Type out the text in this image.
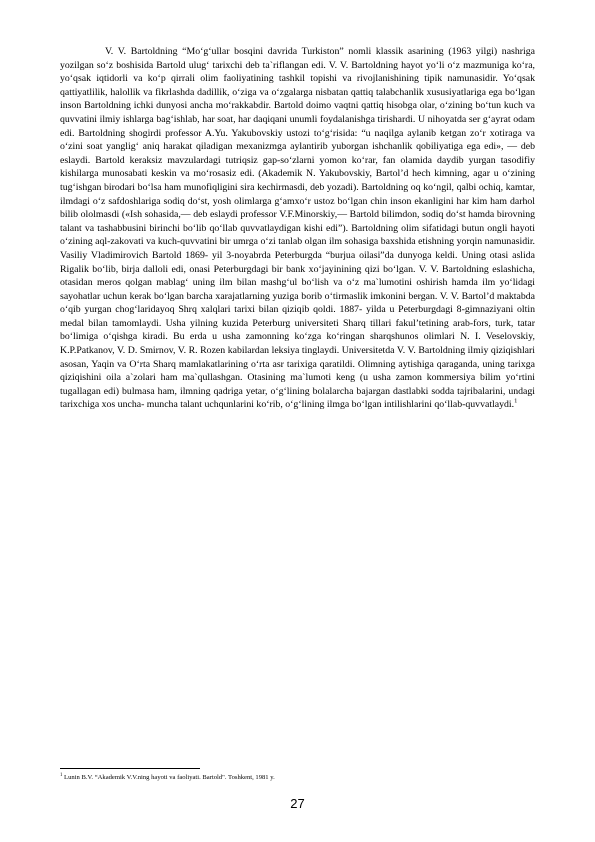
V. V. Bartoldning “Mo‘g‘ullar bosqini davrida Turkiston” nomli klassik asarining (1963 yilgi) nashriga yozilgan so‘z boshisida Bartold ulug‘ tarixchi deb ta`riflangan edi. V. V. Bartoldning hayot yo‘li o‘z mazmuniga ko‘ra, yo‘qsak iqtidorli va ko‘p qirrali olim faoliyatining tashkil topishi va rivojlanishining tipik namunasidir. Yo‘qsak qattiyatlilik, halollik va fikrlashda dadillik, o‘ziga va o‘zgalarga nisbatan qattiq talabchanlik xususiyatlariga ega bo‘lgan inson Bartoldning ichki dunyosi ancha mo‘rakkabdir. Bartold doimo vaqtni qattiq hisobga olar, o‘zining bo‘tun kuch va quvvatini ilmiy ishlarga bag‘ishlab, har soat, har daqiqani unumli foydalanishga tirishardi. U nihoyatda ser g‘ayrat odam edi. Bartoldning shogirdi professor A.Yu. Yakubovskiy ustozi to‘g‘risida: “u naqilga aylanib ketgan zo‘r xotiraga va o‘zini soat yanglig‘ aniq harakat qiladigan mexanizmga aylantirib yuborgan ishchanlik qobiliyatiga ega edi», — deb eslaydi. Bartold keraksiz mavzulardagi tutriqsiz gap-so‘zlarni yomon ko‘rar, fan olamida daydib yurgan tasodifiy kishilarga munosabati keskin va mo‘rosasiz edi. (Akademik N. Yakubovskiy, Bartol’d hech kimning, agar u o‘zining tug‘ishgan birodari bo‘lsa ham munofiqligini sira kechirmasdi, deb yozadi). Bartoldning oq ko‘ngil, qalbi ochiq, kamtar, ilmdagi o‘z safdoshlariga sodiq do‘st, yosh olimlarga g‘amxo‘r ustoz bo‘lgan chin inson ekanligini har kim ham darhol bilib ololmasdi («Ish sohasida,— deb eslaydi professor V.F.Minorskiy,— Bartold bilimdon, sodiq do‘st hamda birovning talant va tashabbusini birinchi bo‘lib qo‘llab quvvatlaydigan kishi edi”). Bartoldning olim sifatidagi butun ongli hayoti o‘zining aql-zakovati va kuch-quvvatini bir umrga o‘zi tanlab olgan ilm sohasiga baxshida etishning yorqin namunasidir. Vasiliy Vladimirovich Bartold 1869- yil 3-noyabrda Peterburgda “burjua oilasi”da dunyoga keldi. Uning otasi aslida Rigalik bo‘lib, birja dalloli edi, onasi Peterburgdagi bir bank xo‘jayinining qizi bo‘lgan. V. V. Bartoldning eslashicha, otasidan meros qolgan mablag‘ uning ilm bilan mashg‘ul bo‘lish va o‘z ma`lumotini oshirish hamda ilm yo‘lidagi sayohatlar uchun kerak bo‘lgan barcha xarajatlarning yuziga borib o‘tirmaslik imkonini bergan. V. V. Bartol’d maktabda o‘qib yurgan chog‘laridayoq Shrq xalqlari tarixi bilan qiziqib qoldi. 1887- yilda u Peterburgdagi 8-gimnaziyani oltin medal bilan tamomlaydi. Usha yilning kuzida Peterburg universiteti Sharq tillari fakul’tetining arab-fors, turk, tatar bo‘limiga o‘qishga kiradi. Bu erda u usha zamonning ko‘zga ko‘ringan sharqshunos olimlari N. I. Veselovskiy, K.P.Patkanov, V. D. Smirnov, V. R. Rozen kabilardan leksiya tinglaydi. Universitetda V. V. Bartoldning ilmiy qiziqishlari asosan, Yaqin va O‘rta Sharq mamlakatlarining o‘rta asr tarixiga qaratildi. Olimning aytishiga qaraganda, uning tarixga qiziqishini oila a`zolari ham ma`qullashgan. Otasining ma`lumoti keng (u usha zamon kommersiya bilim yo‘rtini tugallagan edi) bulmasa ham, ilmning qadriga yetar, o‘g‘lining bolalarcha bajargan dastlabki sodda tajribalarini, undagi tarixchiga xos uncha- muncha talant uchqunlarini ko‘rib, o‘g‘lining ilmga bo‘lgan intilishlarini qo‘llab-quvvatlaydi.$^1$

$^1$ Lunin B.V. “Akademik V.V.ning hayoti va faoliyati. Bartold". Toshkent, 1981 y.

27
